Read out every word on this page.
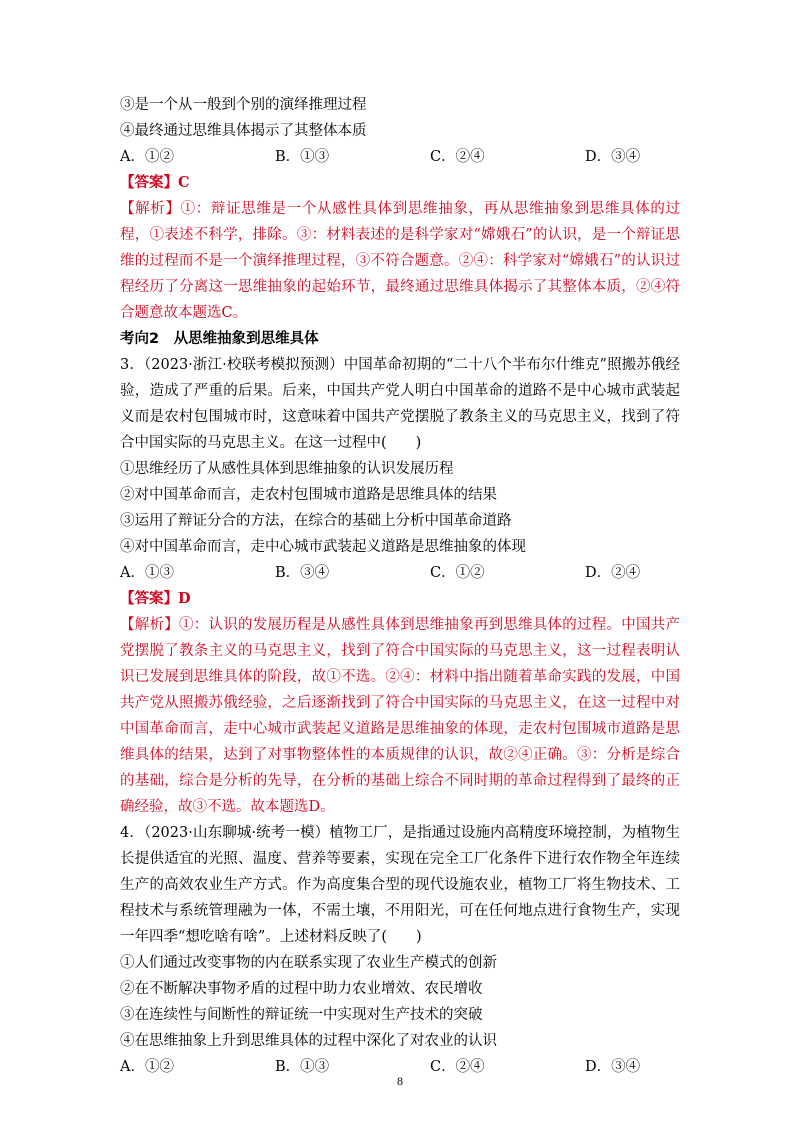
③是一个从一般到个别的演绎推理过程
④最终通过思维具体揭示了其整体本质
A．①②	B．①③	C．②④	D．③④
【答案】C
【解析】①：辩证思维是一个从感性具体到思维抽象，再从思维抽象到思维具体的过程，①表述不科学，排除。③：材料表述的是科学家对“嫦娥石”的认识，是一个辩证思维的过程而不是一个演绎推理过程，③不符合题意。②④：科学家对“嫦娥石”的认识过程经历了分离这一思维抽象的起始环节，最终通过思维具体揭示了其整体本质，②④符合题意故本题选C。
考向2　从思维抽象到思维具体
3．（2023·浙江·校联考模拟预测）中国革命初期的“二十八个半布尔什维克”照搬苏俄经验，造成了严重的后果。后来，中国共产党人明白中国革命的道路不是中心城市武装起义而是农村包围城市时，这意味着中国共产党摆脱了教条主义的马克思主义，找到了符合中国实际的马克思主义。在这一过程中(　　)
①思维经历了从感性具体到思维抽象的认识发展历程
②对中国革命而言，走农村包围城市道路是思维具体的结果
③运用了辩证分合的方法，在综合的基础上分析中国革命道路
④对中国革命而言，走中心城市武装起义道路是思维抽象的体现
A．①③	B．③④	C．①②	D．②④
【答案】D
【解析】①：认识的发展历程是从感性具体到思维抽象再到思维具体的过程。中国共产党摆脱了教条主义的马克思主义，找到了符合中国实际的马克思主义，这一过程表明认识已发展到思维具体的阶段，故①不选。②④：材料中指出随着革命实践的发展，中国共产党从照搬苏俄经验，之后逐渐找到了符合中国实际的马克思主义，在这一过程中对中国革命而言，走中心城市武装起义道路是思维抽象的体现，走农村包围城市道路是思维具体的结果，达到了对事物整体性的本质规律的认识，故②④正确。③：分析是综合的基础，综合是分析的先导，在分析的基础上综合不同时期的革命过程得到了最终的正确经验，故③不选。故本题选D。
4．（2023·山东聊城·统考一模）植物工厂，是指通过设施内高精度环境控制，为植物生长提供适宜的光照、温度、营养等要素，实现在完全工厂化条件下进行农作物全年连续生产的高效农业生产方式。作为高度集合型的现代设施农业，植物工厂将生物技术、工程技术与系统管理融为一体，不需土壤，不用阳光，可在任何地点进行食物生产，实现一年四季“想吃啥有啥”。上述材料反映了(　　)
①人们通过改变事物的内在联系实现了农业生产模式的创新
②在不断解决事物矛盾的过程中助力农业增效、农民增收
③在连续性与间断性的辩证统一中实现对生产技术的突破
④在思维抽象上升到思维具体的过程中深化了对农业的认识
A．①②	B．①③	C．②④	D．③④
8
